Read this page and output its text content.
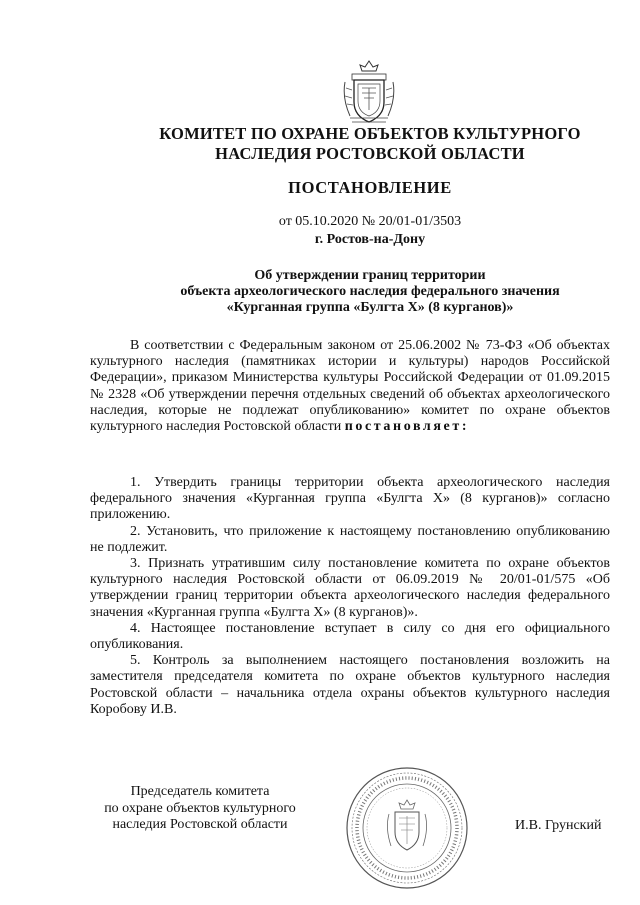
КОМИТЕТ ПО ОХРАНЕ ОБЪЕКТОВ КУЛЬТУРНОГО
НАСЛЕДИЯ РОСТОВСКОЙ ОБЛАСТИ
ПОСТАНОВЛЕНИЕ
от 05.10.2020 № 20/01-01/3503
г. Ростов-на-Дону
Об утверждении границ территории
объекта археологического наследия федерального значения
«Курганная группа «Булгта Х» (8 курганов)»
В соответствии с Федеральным законом от 25.06.2002 № 73-ФЗ «Об объектах культурного наследия (памятниках истории и культуры) народов Российской Федерации», приказом Министерства культуры Российской Федерации от 01.09.2015 № 2328 «Об утверждении перечня отдельных сведений об объектах археологического наследия, которые не подлежат опубликованию» комитет по охране объектов культурного наследия Ростовской области постановляет:

1. Утвердить границы территории объекта археологического наследия федерального значения «Курганная группа «Булгта Х» (8 курганов)» согласно приложению.

2. Установить, что приложение к настоящему постановлению опубликованию не подлежит.

3. Признать утратившим силу постановление комитета по охране объектов культурного наследия Ростовской области от 06.09.2019 № 20/01-01/575 «Об утверждении границ территории объекта археологического наследия федерального значения «Курганная группа «Булгта Х» (8 курганов)».

4. Настоящее постановление вступает в силу со дня его официального опубликования.

5. Контроль за выполнением настоящего постановления возложить на заместителя председателя комитета по охране объектов культурного наследия Ростовской области – начальника отдела охраны объектов культурного наследия Коробову И.В.

Председатель комитета
по охране объектов культурного
наследия Ростовской области	И.В. Грунский
